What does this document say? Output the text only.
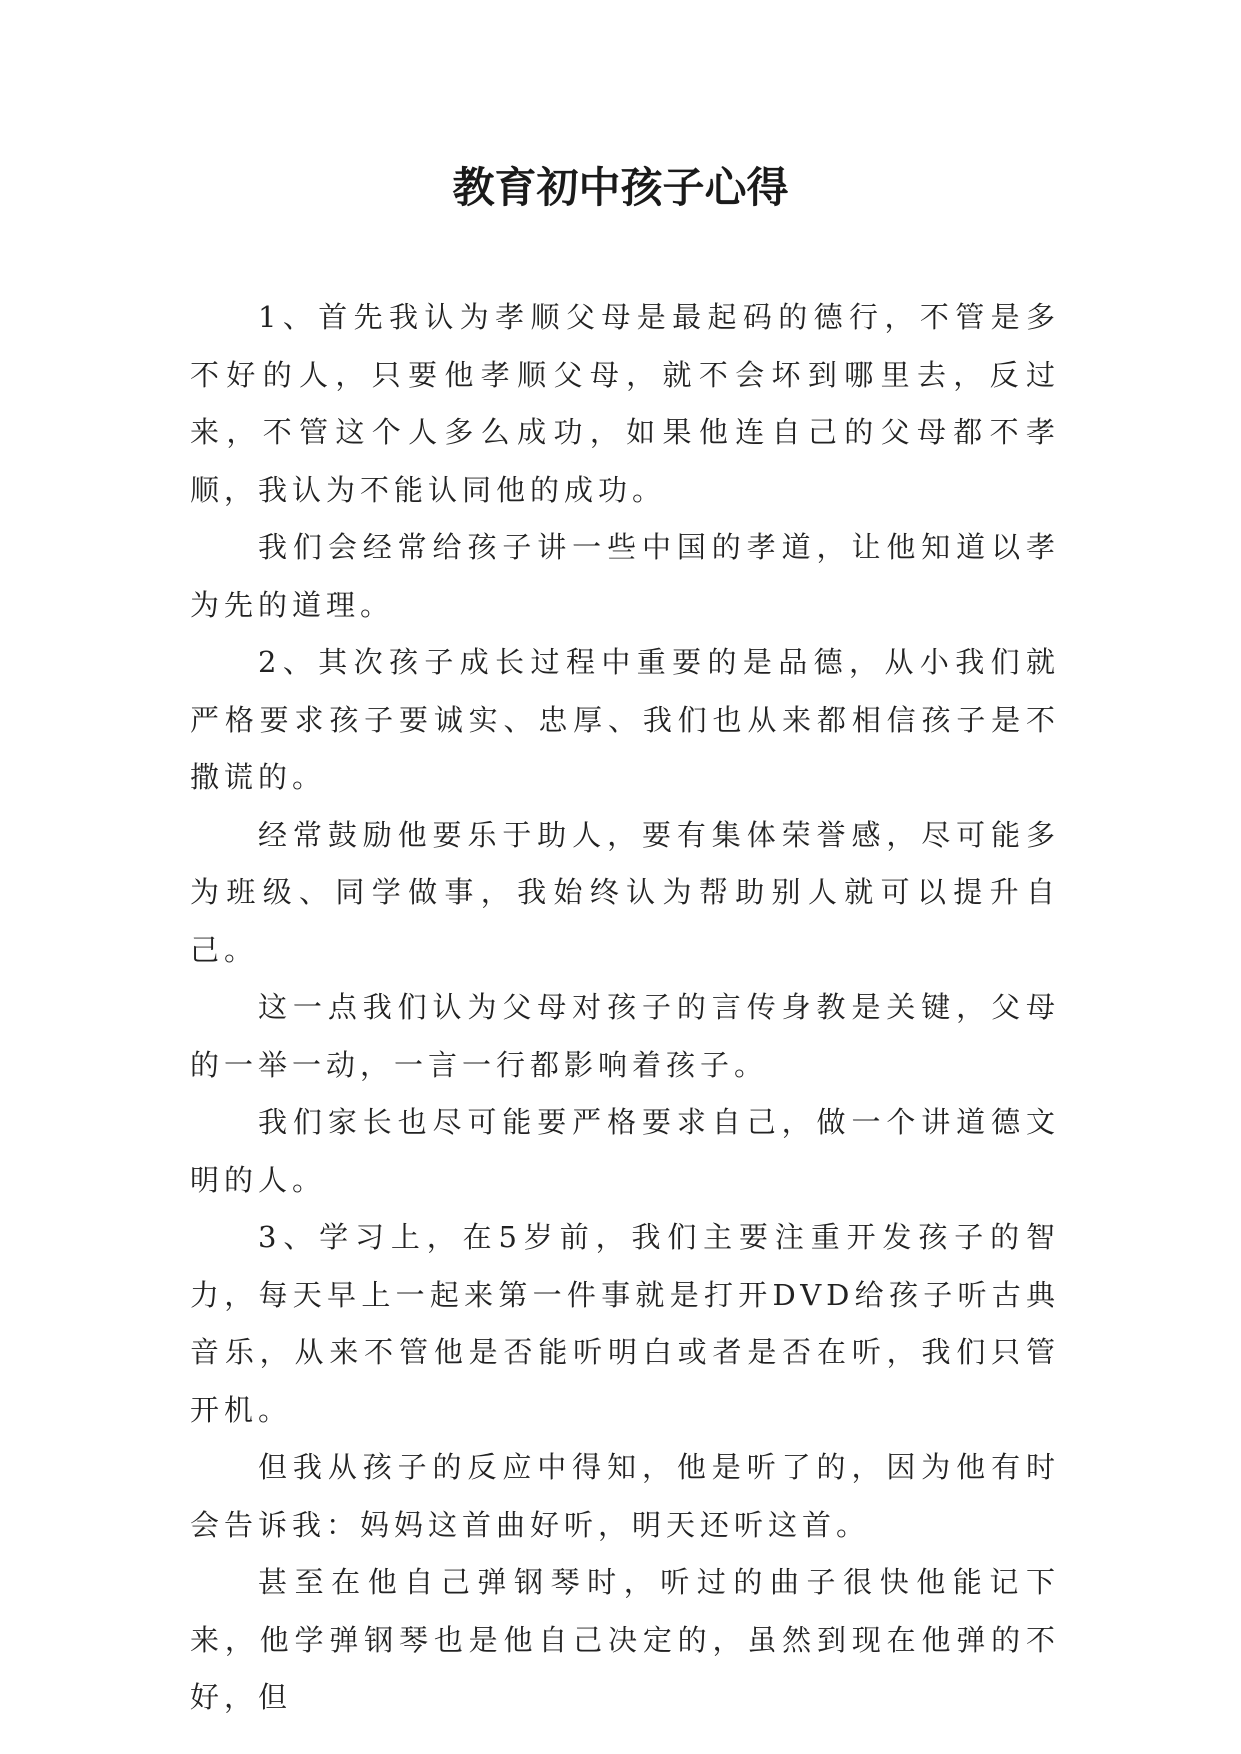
教育初中孩子心得

1、首先我认为孝顺父母是最起码的德行，不管是多不好的人，只要他孝顺父母，就不会坏到哪里去，反过来，不管这个人多么成功，如果他连自己的父母都不孝顺，我认为不能认同他的成功。

我们会经常给孩子讲一些中国的孝道，让他知道以孝为先的道理。

2、其次孩子成长过程中重要的是品德，从小我们就严格要求孩子要诚实、忠厚、我们也从来都相信孩子是不撒谎的。

经常鼓励他要乐于助人，要有集体荣誉感，尽可能多为班级、同学做事，我始终认为帮助别人就可以提升自己。

这一点我们认为父母对孩子的言传身教是关键，父母的一举一动，一言一行都影响着孩子。

我们家长也尽可能要严格要求自己，做一个讲道德文明的人。

3、学习上，在5岁前，我们主要注重开发孩子的智力，每天早上一起来第一件事就是打开DVD给孩子听古典音乐，从来不管他是否能听明白或者是否在听，我们只管开机。

但我从孩子的反应中得知，他是听了的，因为他有时会告诉我：妈妈这首曲好听，明天还听这首。

甚至在他自己弹钢琴时，听过的曲子很快他能记下来，他学弹钢琴也是他自己决定的，虽然到现在他弹的不好，但
